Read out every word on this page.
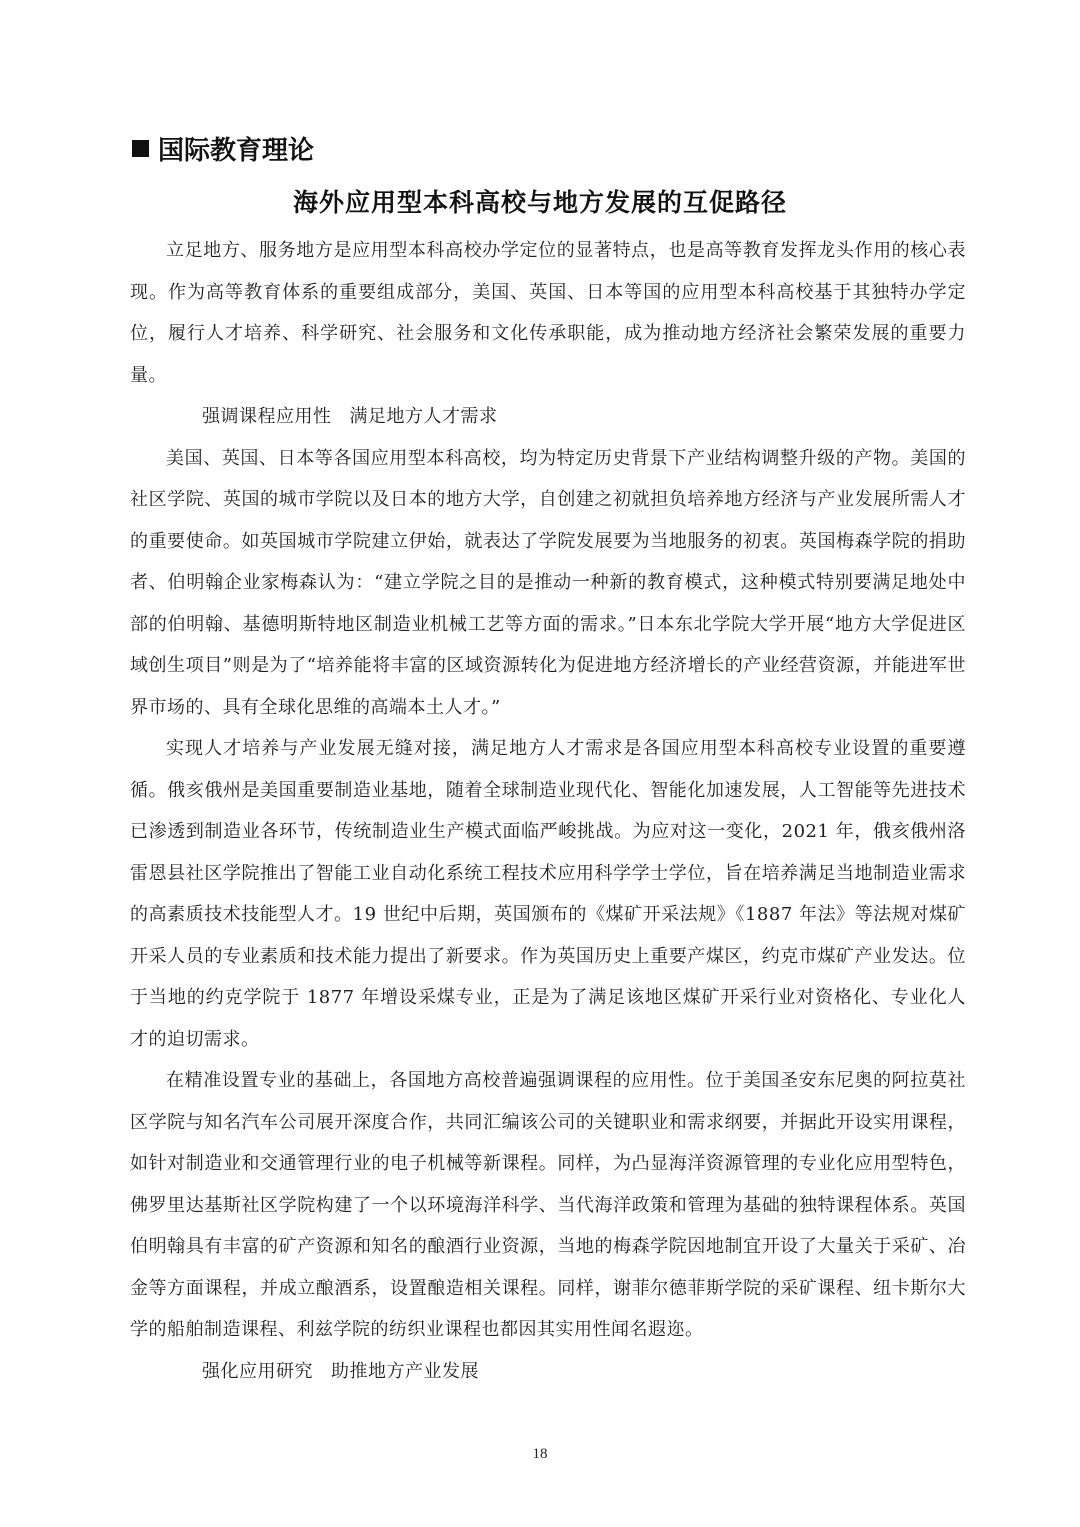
国际教育理论
海外应用型本科高校与地方发展的互促路径

立足地方、服务地方是应用型本科高校办学定位的显著特点，也是高等教育发挥龙头作用的核心表现。作为高等教育体系的重要组成部分，美国、英国、日本等国的应用型本科高校基于其独特办学定位，履行人才培养、科学研究、社会服务和文化传承职能，成为推动地方经济社会繁荣发展的重要力量。

强调课程应用性 满足地方人才需求

美国、英国、日本等各国应用型本科高校，均为特定历史背景下产业结构调整升级的产物。美国的社区学院、英国的城市学院以及日本的地方大学，自创建之初就担负培养地方经济与产业发展所需人才的重要使命。如英国城市学院建立伊始，就表达了学院发展要为当地服务的初衷。英国梅森学院的捐助者、伯明翰企业家梅森认为：“建立学院之目的是推动一种新的教育模式，这种模式特别要满足地处中部的伯明翰、基德明斯特地区制造业机械工艺等方面的需求。”日本东北学院大学开展“地方大学促进区域创生项目”则是为了“培养能将丰富的区域资源转化为促进地方经济增长的产业经营资源，并能进军世界市场的、具有全球化思维的高端本土人才。”

实现人才培养与产业发展无缝对接，满足地方人才需求是各国应用型本科高校专业设置的重要遵循。俄亥俄州是美国重要制造业基地，随着全球制造业现代化、智能化加速发展，人工智能等先进技术已渗透到制造业各环节，传统制造业生产模式面临严峻挑战。为应对这一变化，2021 年，俄亥俄州洛雷恩县社区学院推出了智能工业自动化系统工程技术应用科学学士学位，旨在培养满足当地制造业需求的高素质技术技能型人才。19 世纪中后期，英国颁布的《煤矿开采法规》《1887 年法》等法规对煤矿开采人员的专业素质和技术能力提出了新要求。作为英国历史上重要产煤区，约克市煤矿产业发达。位于当地的约克学院于 1877 年增设采煤专业，正是为了满足该地区煤矿开采行业对资格化、专业化人才的迫切需求。

在精准设置专业的基础上，各国地方高校普遍强调课程的应用性。位于美国圣安东尼奥的阿拉莫社区学院与知名汽车公司展开深度合作，共同汇编该公司的关键职业和需求纲要，并据此开设实用课程，如针对制造业和交通管理行业的电子机械等新课程。同样，为凸显海洋资源管理的专业化应用型特色，佛罗里达基斯社区学院构建了一个以环境海洋科学、当代海洋政策和管理为基础的独特课程体系。英国伯明翰具有丰富的矿产资源和知名的酿酒行业资源，当地的梅森学院因地制宜开设了大量关于采矿、冶金等方面课程，并成立酿酒系，设置酿造相关课程。同样，谢菲尔德菲斯学院的采矿课程、纽卡斯尔大学的船舶制造课程、利兹学院的纺织业课程也都因其实用性闻名遐迩。

强化应用研究 助推地方产业发展

18
